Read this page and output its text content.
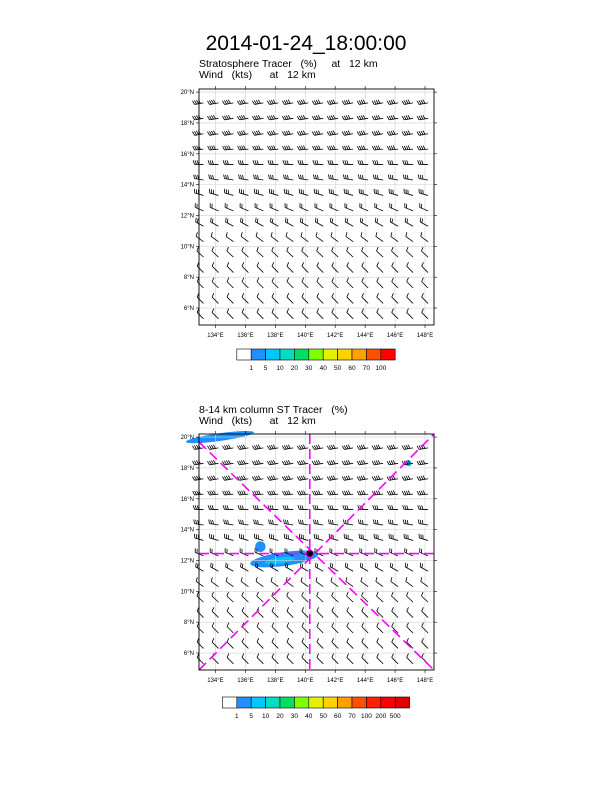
2014-01-24_18:00:00
Stratosphere Tracer   (%)     at   12 km
Wind   (kts)      at   12 km
8-14 km column ST Tracer   (%)
Wind   (kts)      at   12 km
134°E 136°E 138°E 140°E 142°E 144°E 146°E 148°E
6°N
8°N
10°N
12°N
14°N
16°N
18°N
20°N
1 5 10 20 30 40 50 60 70 100
134°E 136°E 138°E 140°E 142°E 144°E 146°E 148°E
6°N
8°N
10°N
12°N
14°N
16°N
18°N
20°N
1 5 10 20 30 40 50 60 70 100 200 500
